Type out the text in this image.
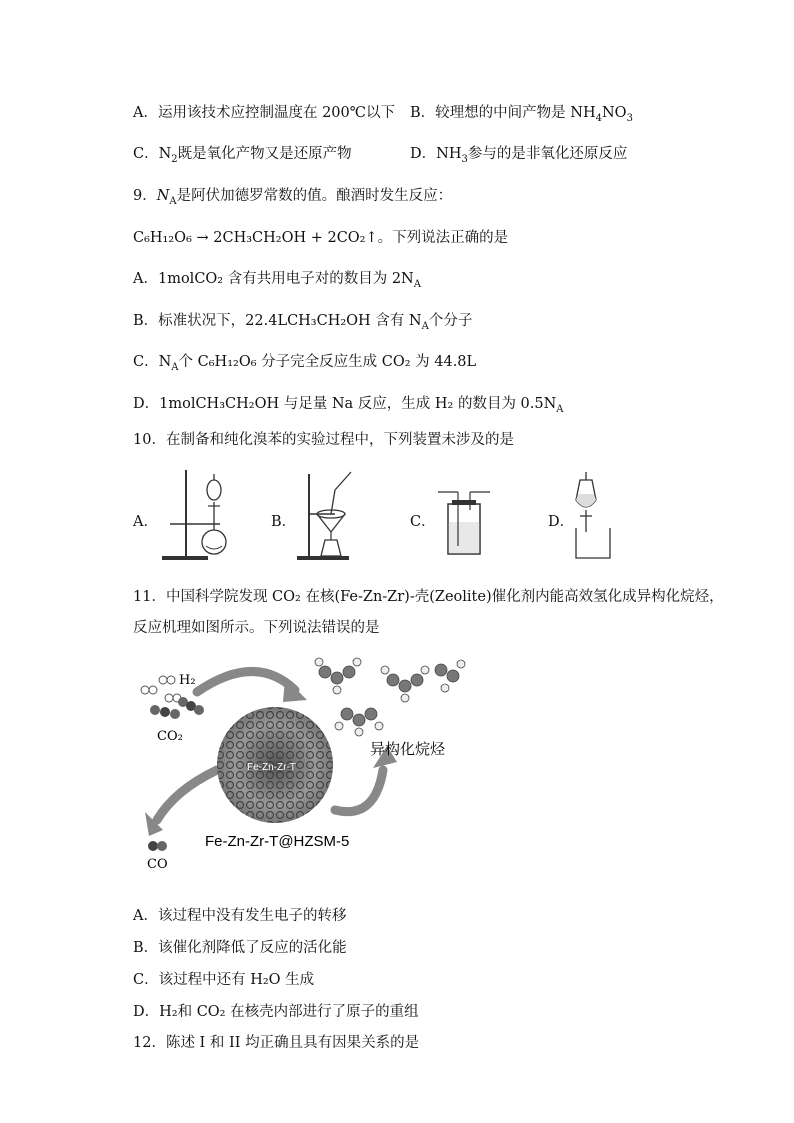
A．运用该技术应控制温度在 200℃以下 B．较理想的中间产物是 $NH_4NO_3$
C．$N_2$既是氧化产物又是还原产物	D．$NH_3$参与的是非氧化还原反应
9．$N_A$是阿伏加德罗常数的值。酿酒时发生反应：
C₆H₁₂O₆ → 2CH₃CH₂OH + 2CO₂↑。下列说法正确的是
A．1molCO₂ 含有共用电子对的数目为 $2N_A$
B．标准状况下，22.4LCH₃CH₂OH 含有 $N_A$个分子
C．$N_A$个 C₆H₁₂O₆ 分子完全反应生成 CO₂ 为 44.8L
D．1molCH₃CH₂OH 与足量 Na 反应，生成 H₂ 的数目为 $0.5N_A$
10．在制备和纯化溴苯的实验过程中，下列装置未涉及的是
A．	B．	C．	D．
11．中国科学院发现 CO₂ 在核(Fe-Zn-Zr)-壳(Zeolite)催化剂内能高效氢化成异构化烷烃，
反应机理如图所示。下列说法错误的是
Fe-Zn-Zr-T
H₂
CO₂
CO
异构化烷烃
Fe-Zn-Zr-T@HZSM-5
A．该过程中没有发生电子的转移
B．该催化剂降低了反应的活化能
C．该过程中还有 H₂O 生成
D．H₂和 CO₂ 在核壳内部进行了原子的重组
12．陈述 I 和 II 均正确且具有因果关系的是
